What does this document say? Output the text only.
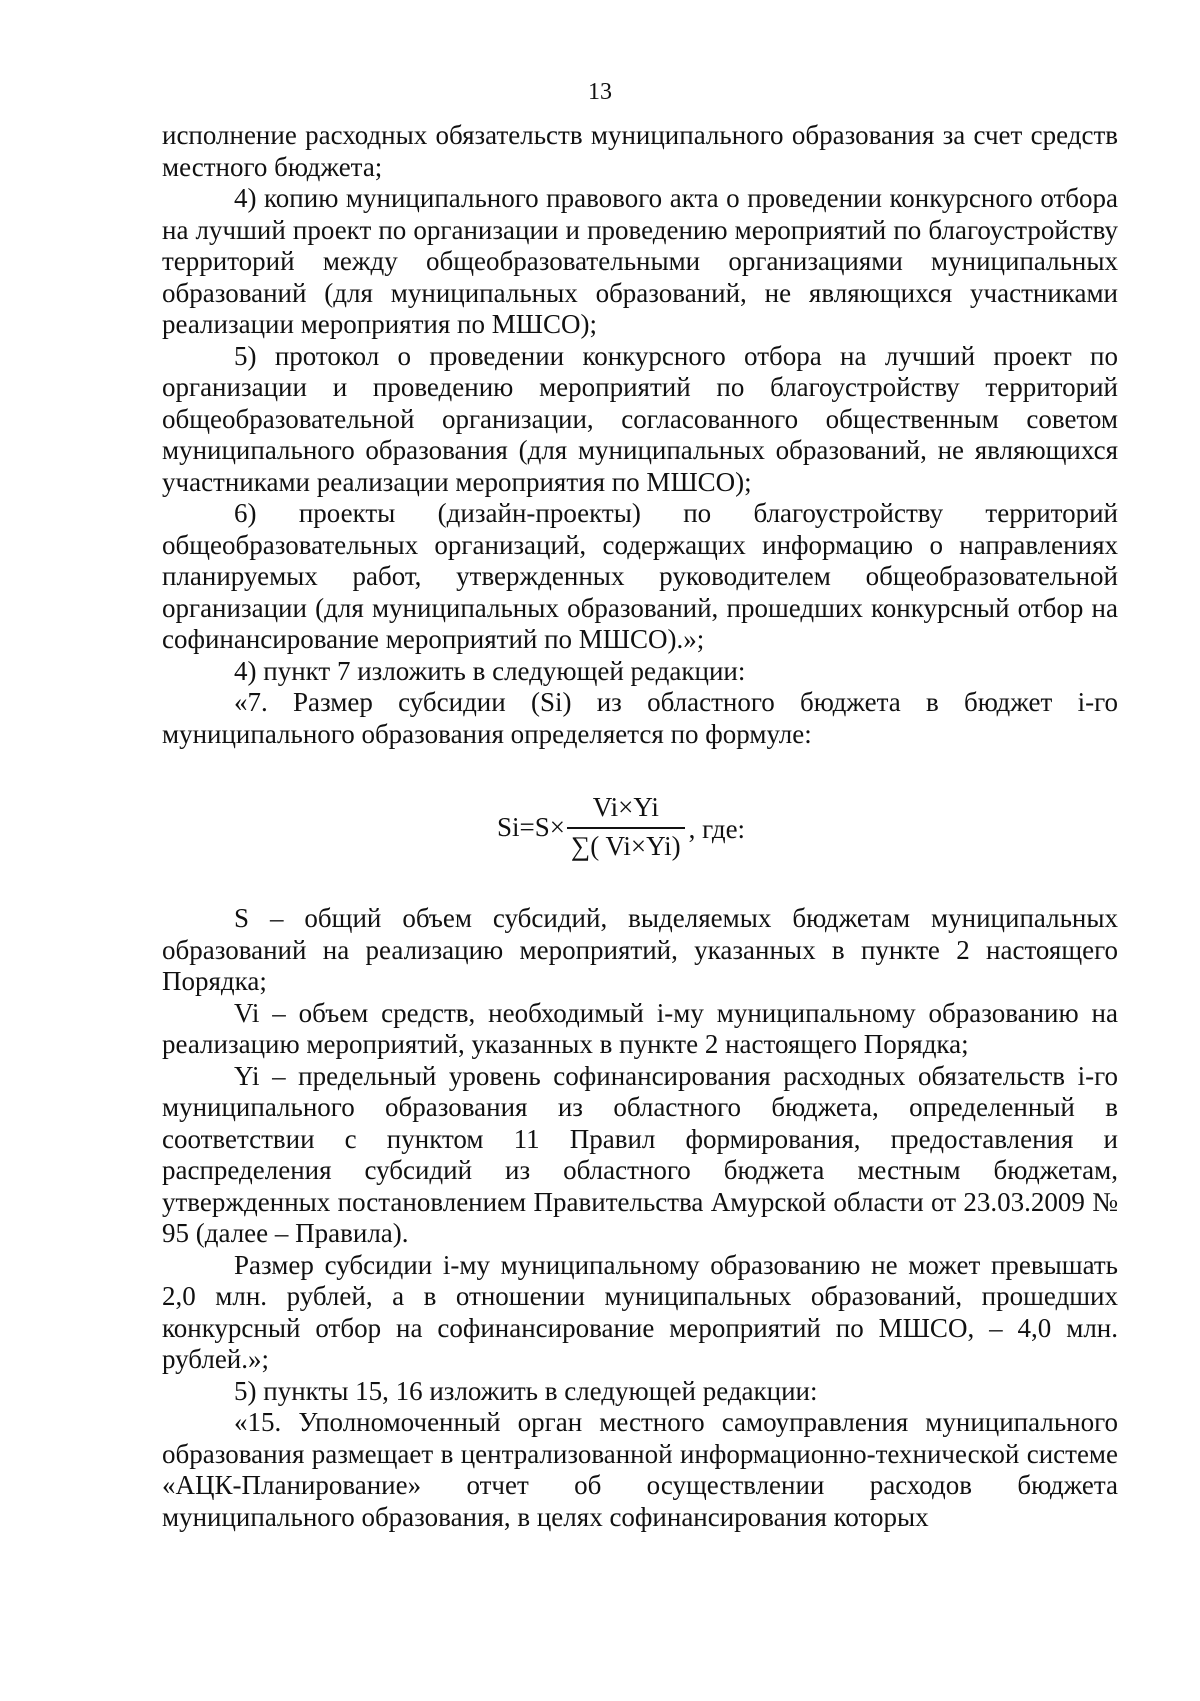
13

исполнение расходных обязательств муниципального образования за счет средств местного бюджета;

4) копию муниципального правового акта о проведении конкурсного отбора на лучший проект по организации и проведению мероприятий по благоустройству территорий между общеобразовательными организациями муниципальных образований (для муниципальных образований, не являющихся участниками реализации мероприятия по МШСО);

5) протокол о проведении конкурсного отбора на лучший проект по организации и проведению мероприятий по благоустройству территорий общеобразовательной организации, согласованного общественным советом муниципального образования (для муниципальных образований, не являющихся участниками реализации мероприятия по МШСО);

6) проекты (дизайн-проекты) по благоустройству территорий общеобразовательных организаций, содержащих информацию о направлениях планируемых работ, утвержденных руководителем общеобразовательной организации (для муниципальных образований, прошедших конкурсный отбор на софинансирование мероприятий по МШСО).»;

4) пункт 7 изложить в следующей редакции:

«7. Размер субсидии (Si) из областного бюджета в бюджет i-го муниципального образования определяется по формуле:

$Si=S\times \frac{Vi\times Yi}{\sum( Vi\times Yi)}$ , где:

S – общий объем субсидий, выделяемых бюджетам муниципальных образований на реализацию мероприятий, указанных в пункте 2 настоящего Порядка;

Vi – объем средств, необходимый i-му муниципальному образованию на реализацию мероприятий, указанных в пункте 2 настоящего Порядка;

Yi – предельный уровень софинансирования расходных обязательств i-го муниципального образования из областного бюджета, определенный в соответствии с пунктом 11 Правил формирования, предоставления и распределения субсидий из областного бюджета местным бюджетам, утвержденных постановлением Правительства Амурской области от 23.03.2009 № 95 (далее – Правила).

Размер субсидии i-му муниципальному образованию не может превышать 2,0 млн. рублей, а в отношении муниципальных образований, прошедших конкурсный отбор на софинансирование мероприятий по МШСО, – 4,0 млн. рублей.»;

5) пункты 15, 16 изложить в следующей редакции:

«15. Уполномоченный орган местного самоуправления муниципального образования размещает в централизованной информационно-технической системе «АЦК-Планирование» отчет об осуществлении расходов бюджета муниципального образования, в целях софинансирования которых
